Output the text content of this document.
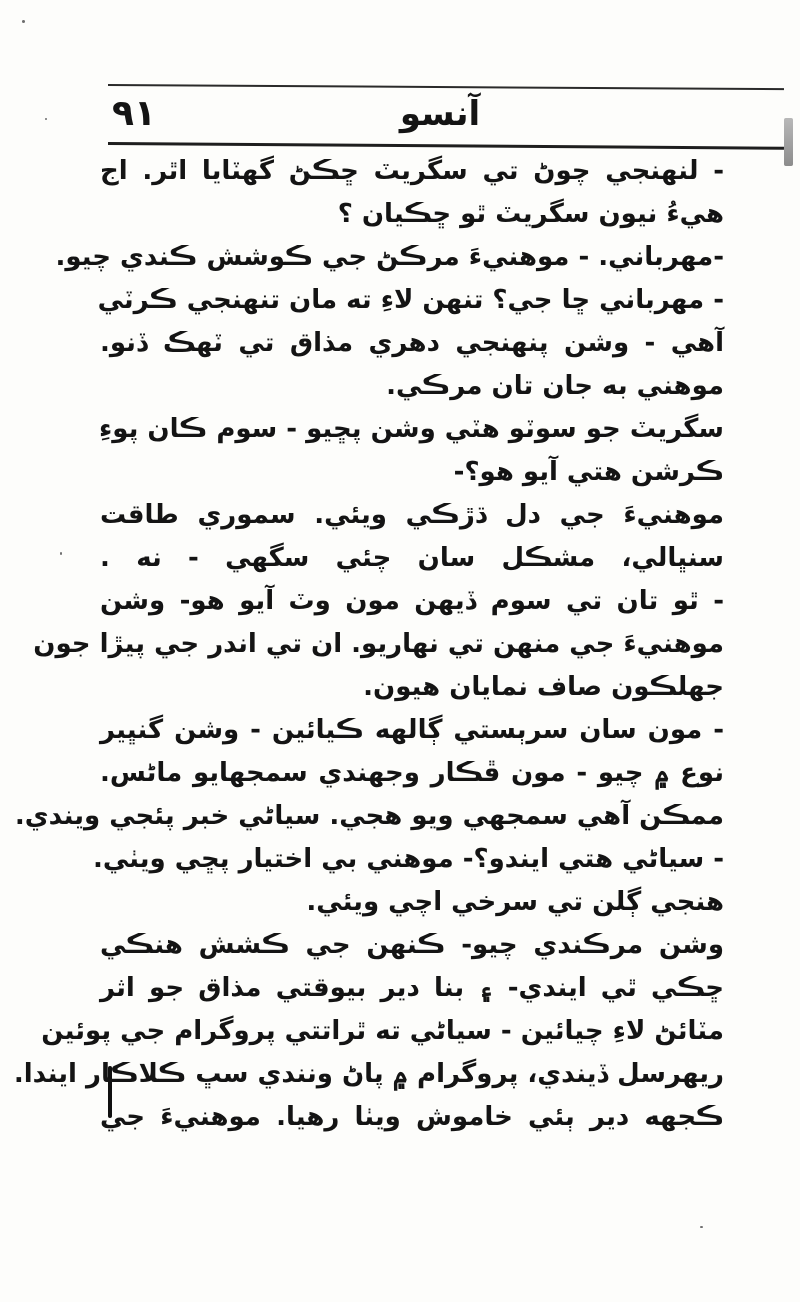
٩١	آنسو
- لنهنجي چوڻ تي سگريٽ ڇڪڻ گهٽايا اٿر. اج
هيءُ نيون سگريٽ ٿو ڇڪيان ؟
-مهرباني. - موهنيءَ مرڪڻ جي ڪوشش ڪندي چيو.
- مهرباني ڇا جي؟ تنهن لاءِ ته مان تنهنجي ڪرٽي
آهي - وشن پنهنجي دهري مذاق تي ٽهڪ ڏنو.
موهني به جان تان مرڪي.
سگريٽ جو سوٽو هٽي وشن پڇيو - سوم ڪان پوءِ
ڪرشن هتي آيو هو؟-
موهنيءَ جي دل ڌڙڪي ويئي. سموري طاقت
سنڀالي، مشڪل سان چئي سگهي - نه .
- ٿو تان تي سوم ڏيهن مون وٽ آيو هو- وشن
موهنيءَ جي منهن تي نهاريو. ان تي اندر جي پيڙا جون
جهلڪون صاف نمايان هيون.
- مون سان سرٻستي ڳالهه ڪيائين - وشن گنڀير
نوع ۾ چيو - مون ڦڪار وجهندي سمجهايو ماڻس.
ممڪن آهي سمجهي ويو هجي. سياڻي خبر پئجي ويندي.
- سياڻي هتي ايندو؟- موهني بي اختيار پڇي ويٺي.
هنجي ڳلن تي سرخي اچي ويئي.
وشن مرڪندي چيو- ڪنهن جي ڪشش هنڪي
ڇڪي ٿي ايندي- ۽ بنا دير بيوقتي مذاق جو اثر
مٽائڻ لاءِ چيائين - سياڻي ته ٿراتتي پروگرام جي پوئين
ريهرسل ڏيندي، پروگرام ۾ پاڻ ونندي سڀ ڪلاڪار ايندا.
ڪجهه دير ٻئي خاموش ويٺا رهيا. موهنيءَ جي
